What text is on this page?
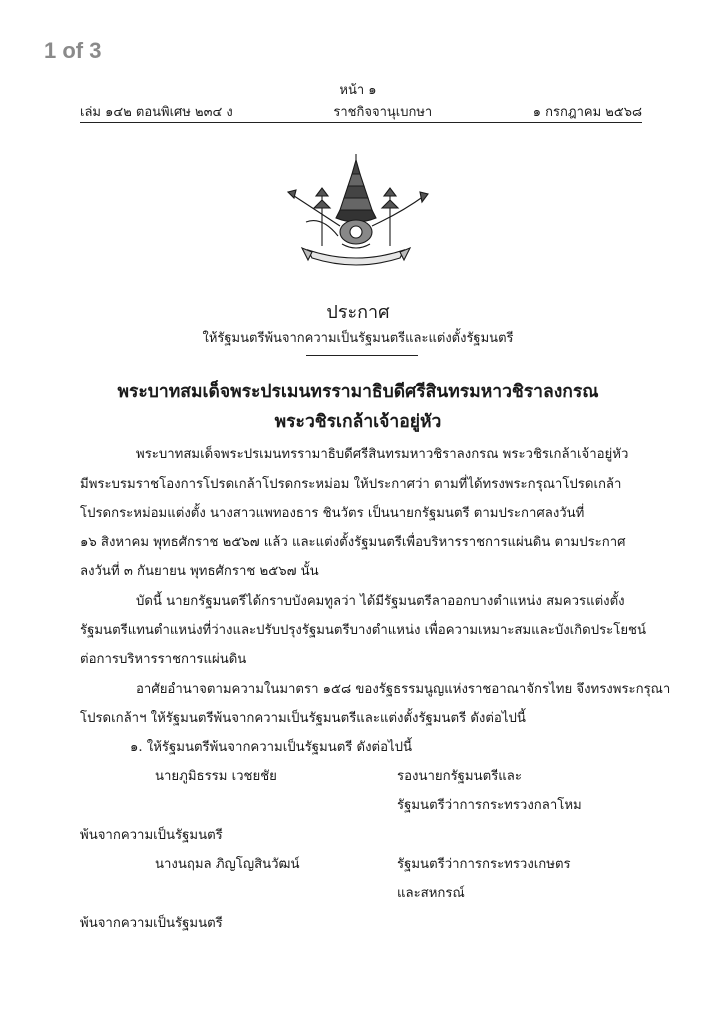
1 of 3
หน้า ๑
เล่ม ๑๔๒ ตอนพิเศษ ๒๓๔ ง	ราชกิจจานุเบกษา	๑ กรกฎาคม ๒๕๖๘
ประกาศ
ให้รัฐมนตรีพ้นจากความเป็นรัฐมนตรีและแต่งตั้งรัฐมนตรี
พระบาทสมเด็จพระปรเมนทรรามาธิบดีศรีสินทรมหาวชิราลงกรณ
พระวชิรเกล้าเจ้าอยู่หัว
พระบาทสมเด็จพระปรเมนทรรามาธิบดีศรีสินทรมหาวชิราลงกรณ พระวชิรเกล้าเจ้าอยู่หัว
มีพระบรมราชโองการโปรดเกล้าโปรดกระหม่อม ให้ประกาศว่า ตามที่ได้ทรงพระกรุณาโปรดเกล้า
โปรดกระหม่อมแต่งตั้ง นางสาวแพทองธาร ชินวัตร เป็นนายกรัฐมนตรี ตามประกาศลงวันที่
๑๖ สิงหาคม พุทธศักราช ๒๕๖๗ แล้ว และแต่งตั้งรัฐมนตรีเพื่อบริหารราชการแผ่นดิน ตามประกาศ
ลงวันที่ ๓ กันยายน พุทธศักราช ๒๕๖๗ นั้น
บัดนี้ นายกรัฐมนตรีได้กราบบังคมทูลว่า ได้มีรัฐมนตรีลาออกบางตำแหน่ง สมควรแต่งตั้ง
รัฐมนตรีแทนตำแหน่งที่ว่างและปรับปรุงรัฐมนตรีบางตำแหน่ง เพื่อความเหมาะสมและบังเกิดประโยชน์
ต่อการบริหารราชการแผ่นดิน
อาศัยอำนาจตามความในมาตรา ๑๕๘ ของรัฐธรรมนูญแห่งราชอาณาจักรไทย จึงทรงพระกรุณา
โปรดเกล้าฯ ให้รัฐมนตรีพ้นจากความเป็นรัฐมนตรีและแต่งตั้งรัฐมนตรี ดังต่อไปนี้
๑. ให้รัฐมนตรีพ้นจากความเป็นรัฐมนตรี ดังต่อไปนี้
นายภูมิธรรม เวชยชัย	รองนายกรัฐมนตรีและ
รัฐมนตรีว่าการกระทรวงกลาโหม
พ้นจากความเป็นรัฐมนตรี
นางนฤมล ภิญโญสินวัฒน์	รัฐมนตรีว่าการกระทรวงเกษตร
และสหกรณ์
พ้นจากความเป็นรัฐมนตรี
